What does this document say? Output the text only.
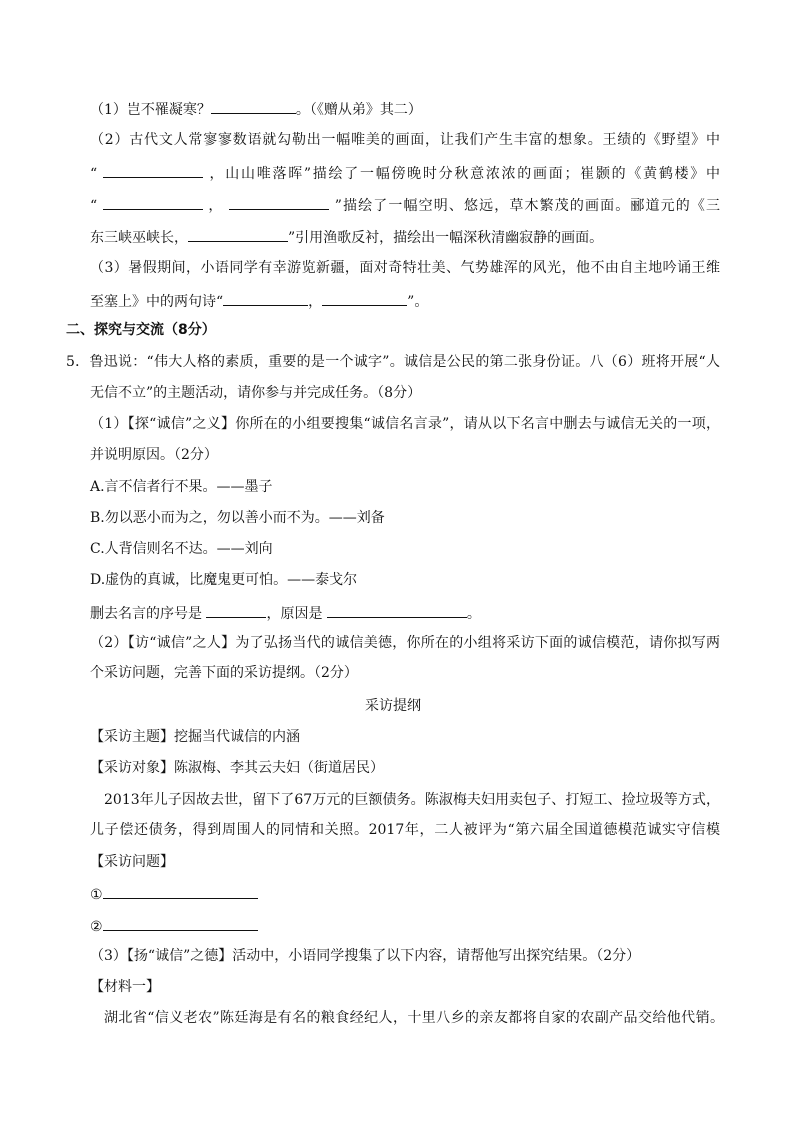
（1）岂不罹凝寒？	。（《赠从弟》其二）
（2）古代文人常寥寥数语就勾勒出一幅唯美的画面，让我们产生丰富的想象。王绩的《野望》中
“	，山山唯落晖”描绘了一幅傍晚时分秋意浓浓的画面；崔颢的《黄鹤楼》中
“	，	”描绘了一幅空明、悠远，草木繁茂的画面。郦道元的《三
东三峡巫峡长，	”引用渔歌反衬，描绘出一幅深秋清幽寂静的画面。
（3）暑假期间，小语同学有幸游览新疆，面对奇特壮美、气势雄浑的风光，他不由自主地吟诵王维
至塞上》中的两句诗“	，	”。
二、探究与交流（8分）
5．鲁迅说：“伟大人格的素质，重要的是一个诚字”。诚信是公民的第二张身份证。八（6）班将开展“人
无信不立”的主题活动，请你参与并完成任务。（8分）
（1）【探“诚信”之义】你所在的小组要搜集“诚信名言录”，请从以下名言中删去与诚信无关的一项，
并说明原因。（2分）
A.言不信者行不果。——墨子
B.勿以恶小而为之，勿以善小而不为。——刘备
C.人背信则名不达。——刘向
D.虚伪的真诚，比魔鬼更可怕。——泰戈尔
删去名言的序号是	，原因是	。
（2）【访“诚信”之人】为了弘扬当代的诚信美德，你所在的小组将采访下面的诚信模范，请你拟写两
个采访问题，完善下面的采访提纲。（2分）
采访提纲
【采访主题】挖掘当代诚信的内涵
【采访对象】陈淑梅、李其云夫妇（街道居民）
2013年儿子因故去世，留下了67万元的巨额债务。陈淑梅夫妇用卖包子、打短工、捡垃圾等方式，
儿子偿还债务，得到周围人的同情和关照。2017年，二人被评为“第六届全国道德模范诚实守信模
【采访问题】
①
②
（3）【扬“诚信”之德】活动中，小语同学搜集了以下内容，请帮他写出探究结果。（2分）
【材料一】
湖北省“信义老农”陈廷海是有名的粮食经纪人，十里八乡的亲友都将自家的农副产品交给他代销。
